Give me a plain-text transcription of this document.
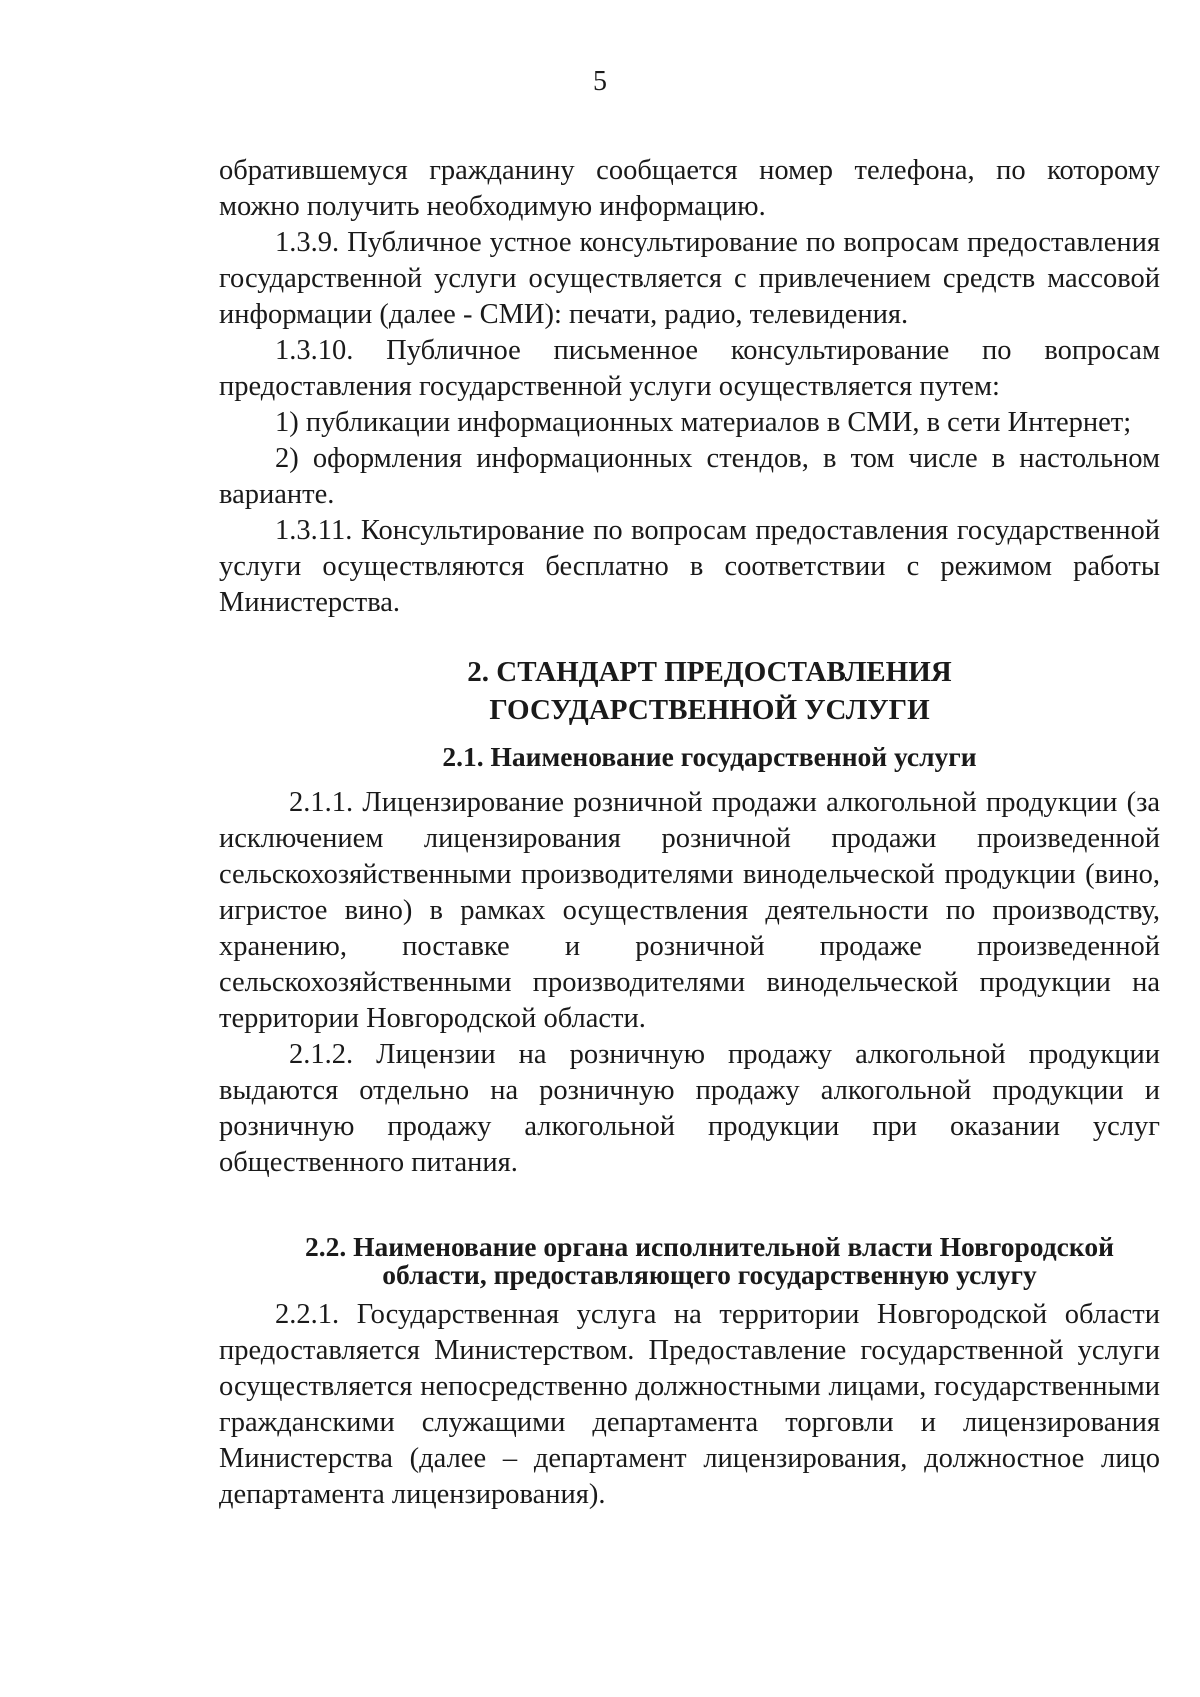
5

обратившемуся гражданину сообщается номер телефона, по которому можно получить необходимую информацию.

1.3.9. Публичное устное консультирование по вопросам предоставления государственной услуги осуществляется с привлечением средств массовой информации (далее - СМИ): печати, радио, телевидения.

1.3.10. Публичное письменное консультирование по вопросам предоставления государственной услуги осуществляется путем:

1) публикации информационных материалов в СМИ, в сети Интернет;

2) оформления информационных стендов, в том числе в настольном варианте.

1.3.11. Консультирование по вопросам предоставления государственной услуги осуществляются бесплатно в соответствии с режимом работы Министерства.

2. СТАНДАРТ ПРЕДОСТАВЛЕНИЯ
ГОСУДАРСТВЕННОЙ УСЛУГИ
2.1. Наименование государственной услуги

2.1.1. Лицензирование розничной продажи алкогольной продукции (за исключением лицензирования розничной продажи произведенной сельскохозяйственными производителями винодельческой продукции (вино, игристое вино) в рамках осуществления деятельности по производству, хранению, поставке и розничной продаже произведенной сельскохозяйственными производителями винодельческой продукции на территории Новгородской области.

2.1.2. Лицензии на розничную продажу алкогольной продукции выдаются отдельно на розничную продажу алкогольной продукции и розничную продажу алкогольной продукции при оказании услуг общественного питания.

2.2. Наименование органа исполнительной власти Новгородской
области, предоставляющего государственную услугу

2.2.1. Государственная услуга на территории Новгородской области предоставляется Министерством. Предоставление государственной услуги осуществляется непосредственно должностными лицами, государственными гражданскими служащими департамента торговли и лицензирования Министерства (далее – департамент лицензирования, должностное лицо департамента лицензирования).
